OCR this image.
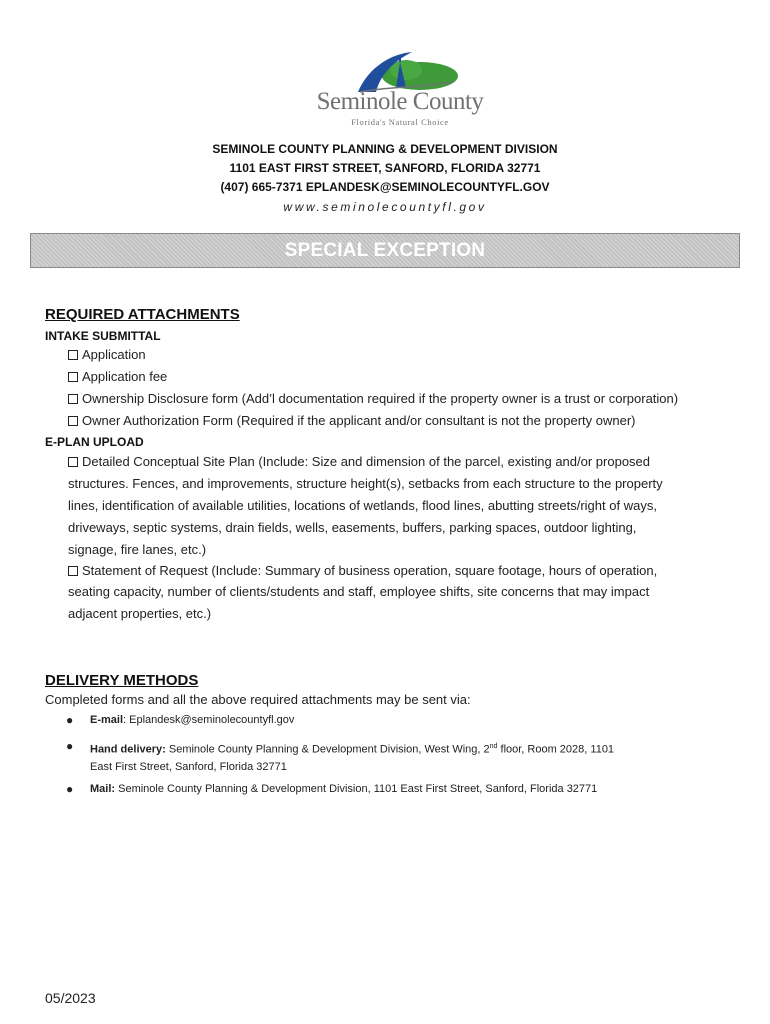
Seminole County
Florida's Natural Choice
SEMINOLE COUNTY PLANNING & DEVELOPMENT DIVISION
1101 EAST FIRST STREET, SANFORD, FLORIDA 32771
(407) 665-7371 EPLANDESK@SEMINOLECOUNTYFL.GOV
www.seminolecountyfl.gov
SPECIAL EXCEPTION
REQUIRED ATTACHMENTS
INTAKE SUBMITTAL
Application
Application fee
Ownership Disclosure form (Add’l documentation required if the property owner is a trust or corporation)
Owner Authorization Form (Required if the applicant and/or consultant is not the property owner)
E-PLAN UPLOAD
Detailed Conceptual Site Plan (Include: Size and dimension of the parcel, existing and/or proposed
structures. Fences, and improvements, structure height(s), setbacks from each structure to the property
lines, identification of available utilities, locations of wetlands, flood lines, abutting streets/right of ways,
driveways, septic systems, drain fields, wells, easements, buffers, parking spaces, outdoor lighting,
signage, fire lanes, etc.)
Statement of Request (Include: Summary of business operation, square footage, hours of operation,
seating capacity, number of clients/students and staff, employee shifts, site concerns that may impact
adjacent properties, etc.)
DELIVERY METHODS
Completed forms and all the above required attachments may be sent via:
● E-mail: Eplandesk@seminolecountyfl.gov
● Hand delivery: Seminole County Planning & Development Division, West Wing, 2nd floor, Room 2028, 1101
East First Street, Sanford, Florida 32771
● Mail: Seminole County Planning & Development Division, 1101 East First Street, Sanford, Florida 32771
05/2023
